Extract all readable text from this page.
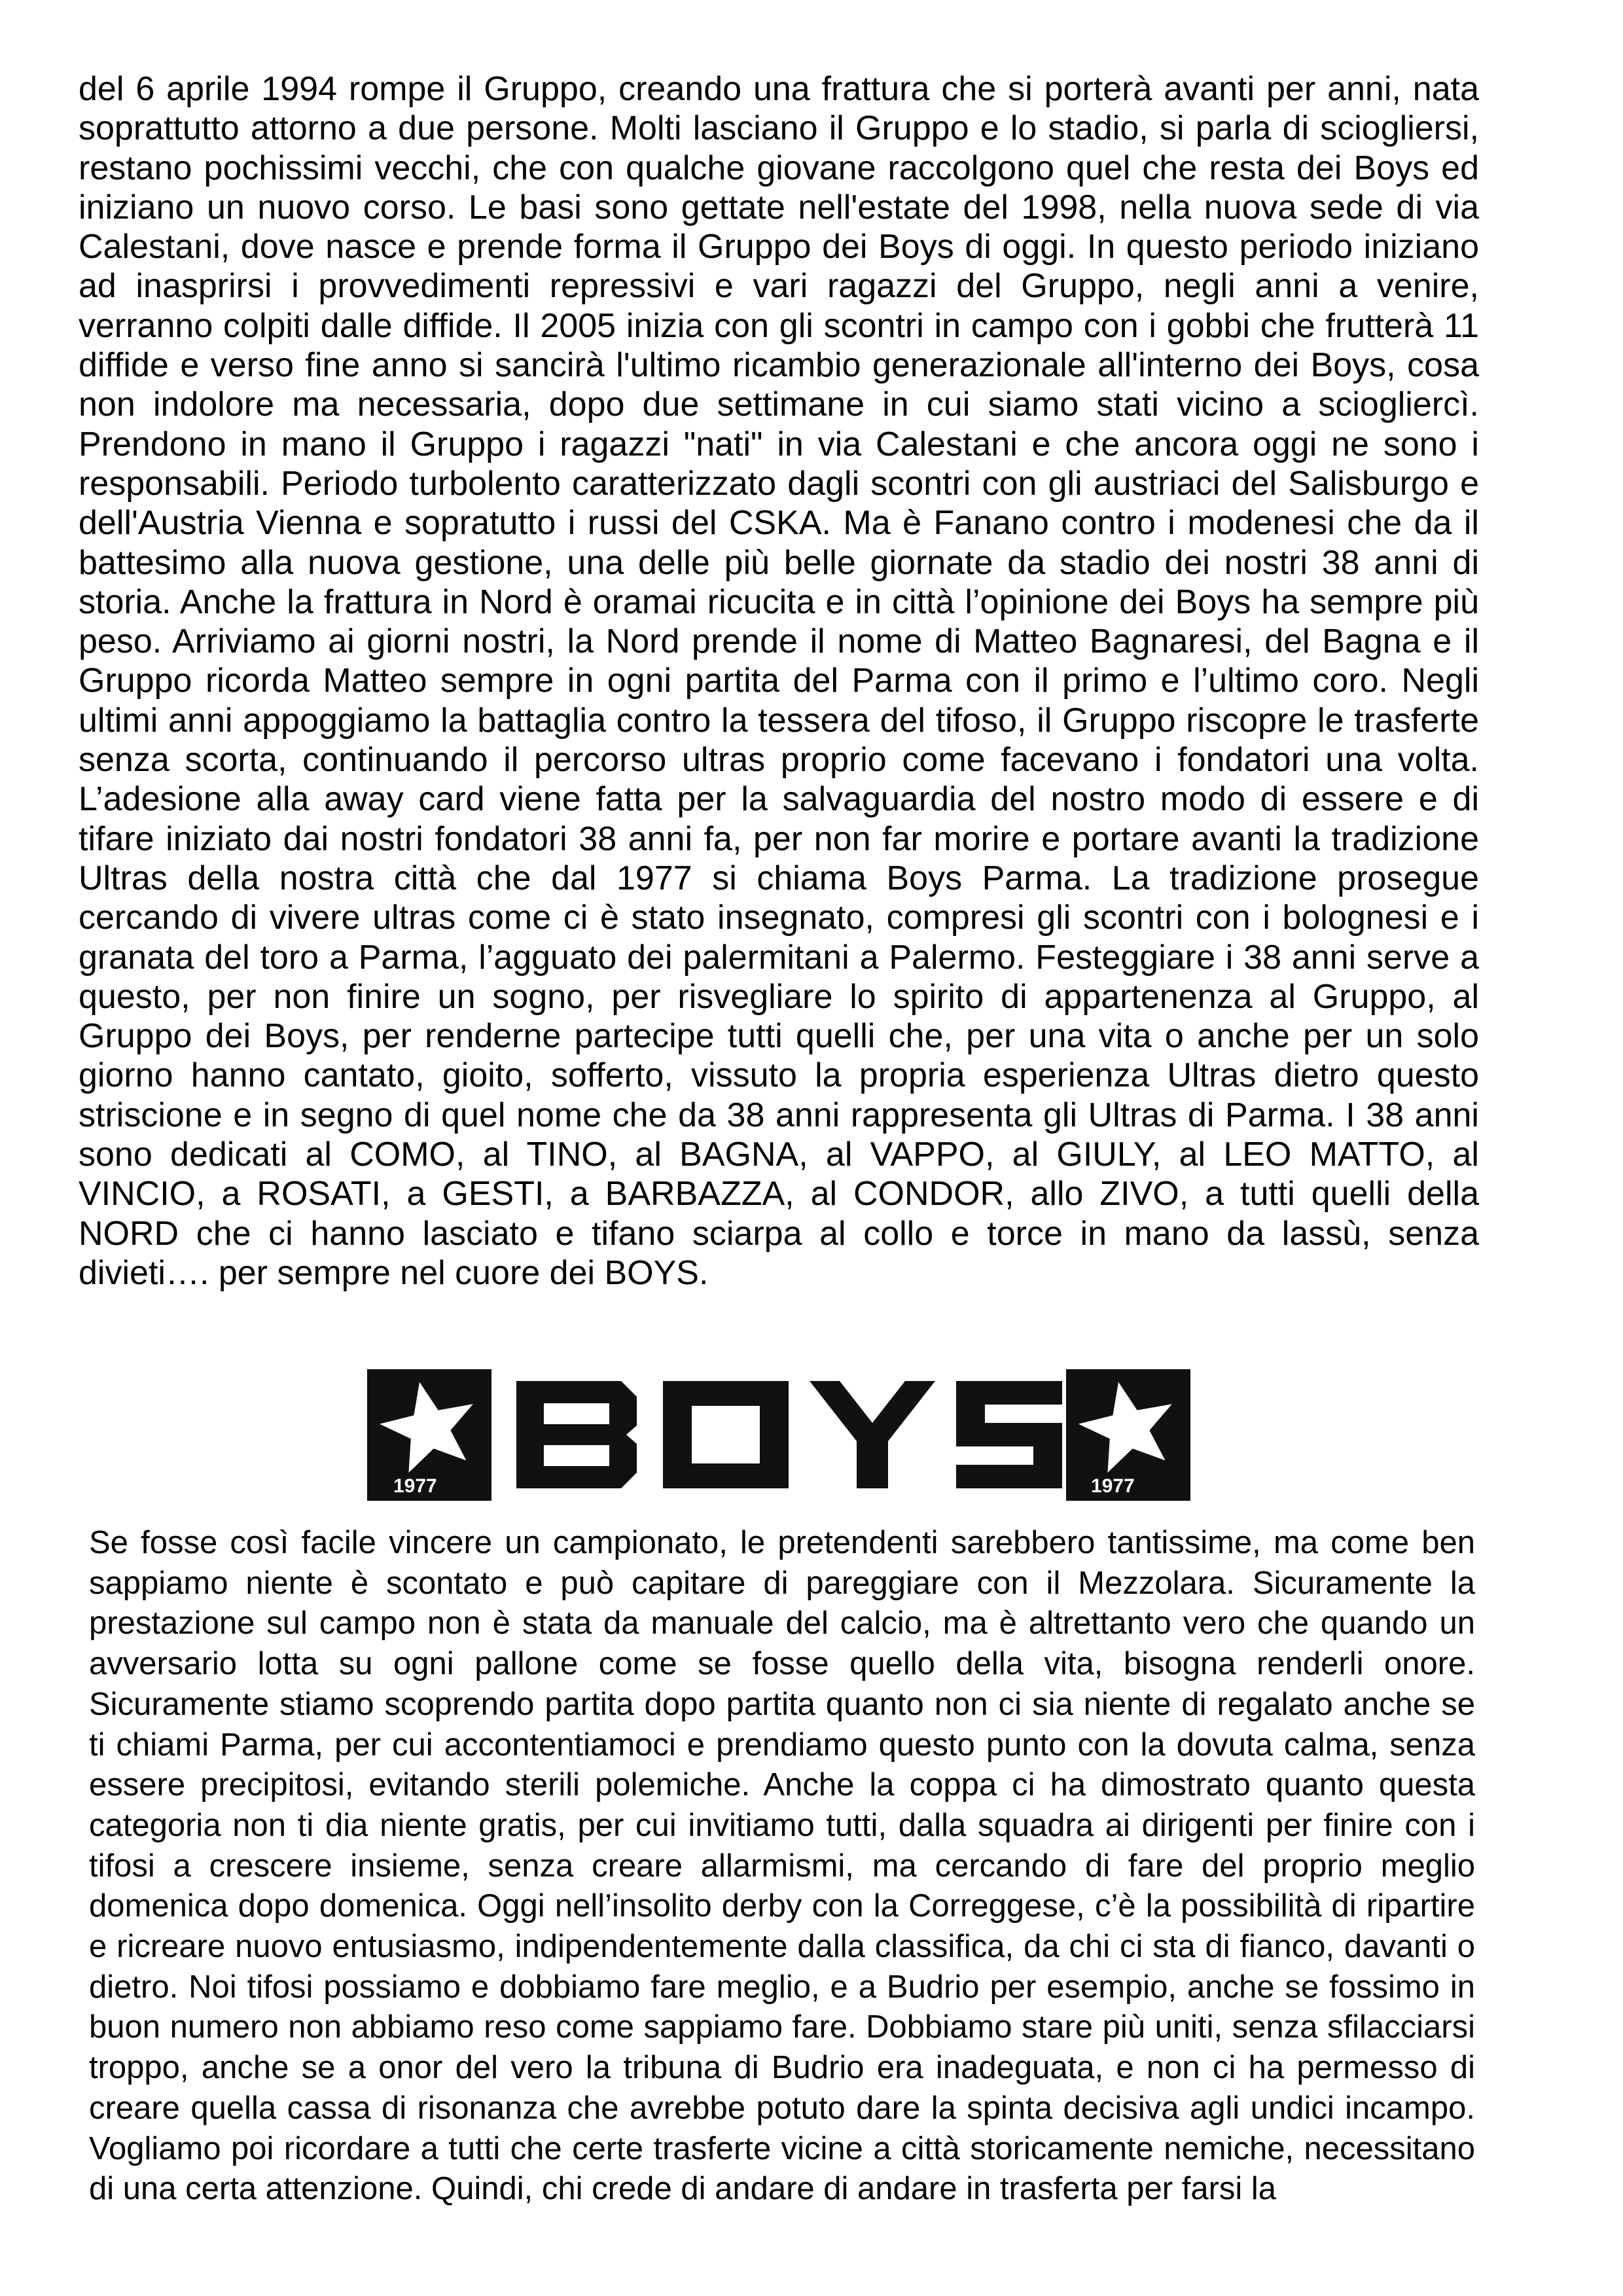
del 6 aprile 1994 rompe il Gruppo, creando una frattura che si porterà avanti per anni, nata soprattutto attorno a due persone. Molti lasciano il Gruppo e lo stadio, si parla di sciogliersi, restano pochissimi vecchi, che con qualche giovane raccolgono quel che resta dei Boys ed iniziano un nuovo corso. Le basi sono gettate nell'estate del 1998, nella nuova sede di via Calestani, dove nasce e prende forma il Gruppo dei Boys di oggi. In questo periodo iniziano ad inasprirsi i provvedimenti repressivi e vari ragazzi del Gruppo, negli anni a venire, verranno colpiti dalle diffide. Il 2005 inizia con gli scontri in campo con i gobbi che frutterà 11 diffide e verso fine anno si sancirà l'ultimo ricambio generazionale all'interno dei Boys, cosa non indolore ma necessaria, dopo due settimane in cui siamo stati vicino a sciogliercì. Prendono in mano il Gruppo i ragazzi "nati" in via Calestani e che ancora oggi ne sono i responsabili. Periodo turbolento caratterizzato dagli scontri con gli austriaci del Salisburgo e dell'Austria Vienna e sopratutto i russi del CSKA. Ma è Fanano contro i modenesi che da il battesimo alla nuova gestione, una delle più belle giornate da stadio dei nostri 38 anni di storia. Anche la frattura in Nord è oramai ricucita e in città l’opinione dei Boys ha sempre più peso. Arriviamo ai giorni nostri, la Nord prende il nome di Matteo Bagnaresi, del Bagna e il Gruppo ricorda Matteo sempre in ogni partita del Parma con il primo e l’ultimo coro. Negli ultimi anni appoggiamo la battaglia contro la tessera del tifoso, il Gruppo riscopre le trasferte senza scorta, continuando il percorso ultras proprio come facevano i fondatori una volta. L’adesione alla away card viene fatta per la salvaguardia del nostro modo di essere e di tifare iniziato dai nostri fondatori 38 anni fa, per non far morire e portare avanti la tradizione Ultras della nostra città che dal 1977 si chiama Boys Parma. La tradizione prosegue cercando di vivere ultras come ci è stato insegnato, compresi gli scontri con i bolognesi e i granata del toro a Parma, l’agguato dei palermitani a Palermo. Festeggiare i 38 anni serve a questo, per non finire un sogno, per risvegliare lo spirito di appartenenza al Gruppo, al Gruppo dei Boys, per renderne partecipe tutti quelli che, per una vita o anche per un solo giorno hanno cantato, gioito, sofferto, vissuto la propria esperienza Ultras dietro questo striscione e in segno di quel nome che da 38 anni rappresenta gli Ultras di Parma. I 38 anni sono dedicati al COMO, al TINO, al BAGNA, al VAPPO, al GIULY, al LEO MATTO, al VINCIO, a ROSATI, a GESTI, a BARBAZZA, al CONDOR, allo ZIVO, a tutti quelli della NORD che ci hanno lasciato e tifano sciarpa al collo e torce in mano da lassù, senza divieti…. per sempre nel cuore dei BOYS.

1977	1977

Se fosse così facile vincere un campionato, le pretendenti sarebbero tantissime, ma come ben sappiamo niente è scontato e può capitare di pareggiare con il Mezzolara. Sicuramente la prestazione sul campo non è stata da manuale del calcio, ma è altrettanto vero che quando un avversario lotta su ogni pallone come se fosse quello della vita, bisogna renderli onore. Sicuramente stiamo scoprendo partita dopo partita quanto non ci sia niente di regalato anche se ti chiami Parma, per cui accontentiamoci e prendiamo questo punto con la dovuta calma, senza essere precipitosi, evitando sterili polemiche. Anche la coppa ci ha dimostrato quanto questa categoria non ti dia niente gratis, per cui invitiamo tutti, dalla squadra ai dirigenti per finire con i tifosi a crescere insieme, senza creare allarmismi, ma cercando di fare del proprio meglio domenica dopo domenica. Oggi nell’insolito derby con la Correggese, c’è la possibilità di ripartire e ricreare nuovo entusiasmo, indipendentemente dalla classifica, da chi ci sta di fianco, davanti o dietro. Noi tifosi possiamo e dobbiamo fare meglio, e a Budrio per esempio, anche se fossimo in buon numero non abbiamo reso come sappiamo fare. Dobbiamo stare più uniti, senza sfilacciarsi troppo, anche se a onor del vero la tribuna di Budrio era inadeguata, e non ci ha permesso di creare quella cassa di risonanza che avrebbe potuto dare la spinta decisiva agli undici incampo. Vogliamo poi ricordare a tutti che certe trasferte vicine a città storicamente nemiche, necessitano di una certa attenzione. Quindi, chi crede di andare di andare in trasferta per farsi la
